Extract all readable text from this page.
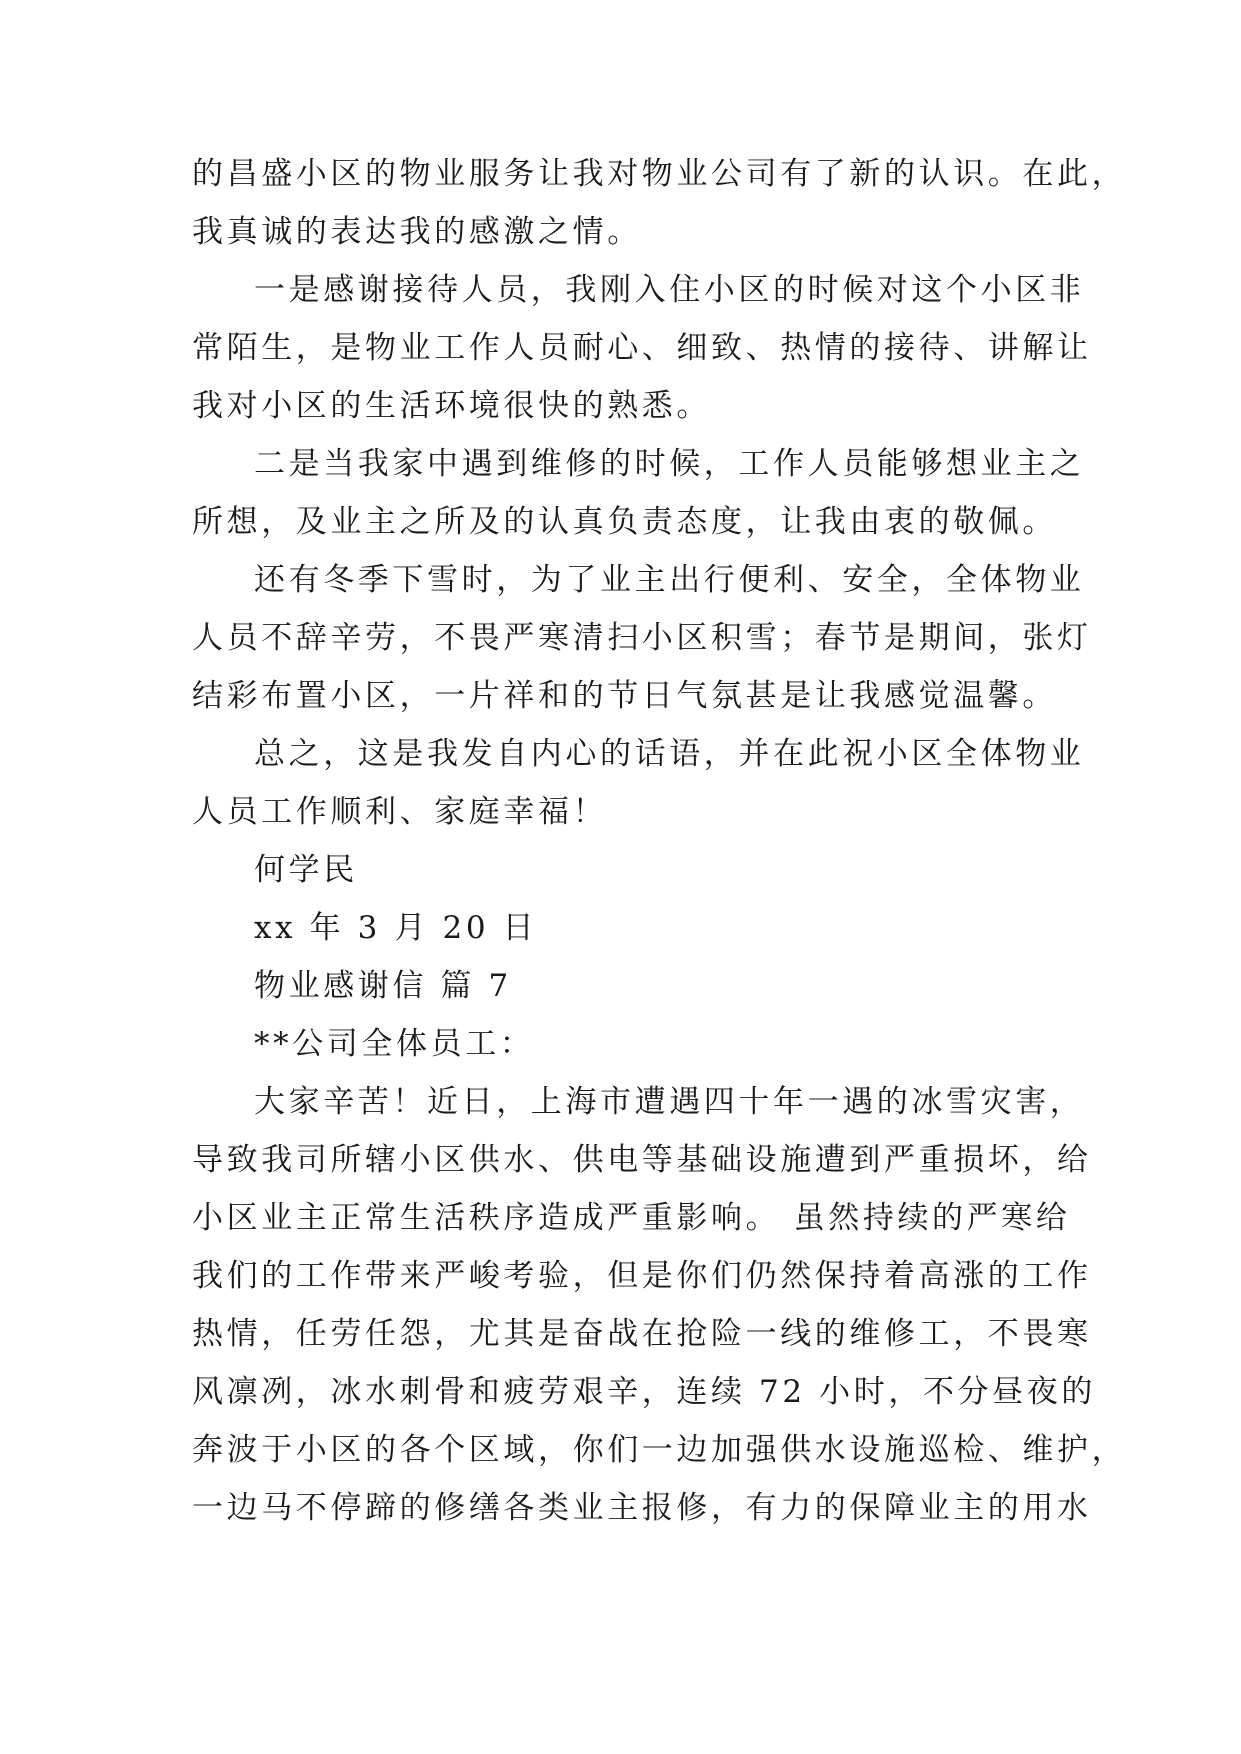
的昌盛小区的物业服务让我对物业公司有了新的认识。在此，
我真诚的表达我的感激之情。
一是感谢接待人员，我刚入住小区的时候对这个小区非
常陌生，是物业工作人员耐心、细致、热情的接待、讲解让
我对小区的生活环境很快的熟悉。
二是当我家中遇到维修的时候，工作人员能够想业主之
所想，及业主之所及的认真负责态度，让我由衷的敬佩。
还有冬季下雪时，为了业主出行便利、安全，全体物业
人员不辞辛劳，不畏严寒清扫小区积雪；春节是期间，张灯
结彩布置小区，一片祥和的节日气氛甚是让我感觉温馨。
总之，这是我发自内心的话语，并在此祝小区全体物业
人员工作顺利、家庭幸福！
何学民
xx 年 3 月 20 日
物业感谢信 篇 7
**公司全体员工：
大家辛苦！近日，上海市遭遇四十年一遇的冰雪灾害，
导致我司所辖小区供水、供电等基础设施遭到严重损坏，给
小区业主正常生活秩序造成严重影响。 虽然持续的严寒给
我们的工作带来严峻考验，但是你们仍然保持着高涨的工作
热情，任劳任怨，尤其是奋战在抢险一线的维修工，不畏寒
风凛冽，冰水刺骨和疲劳艰辛，连续 72 小时，不分昼夜的
奔波于小区的各个区域，你们一边加强供水设施巡检、维护，
一边马不停蹄的修缮各类业主报修，有力的保障业主的用水
